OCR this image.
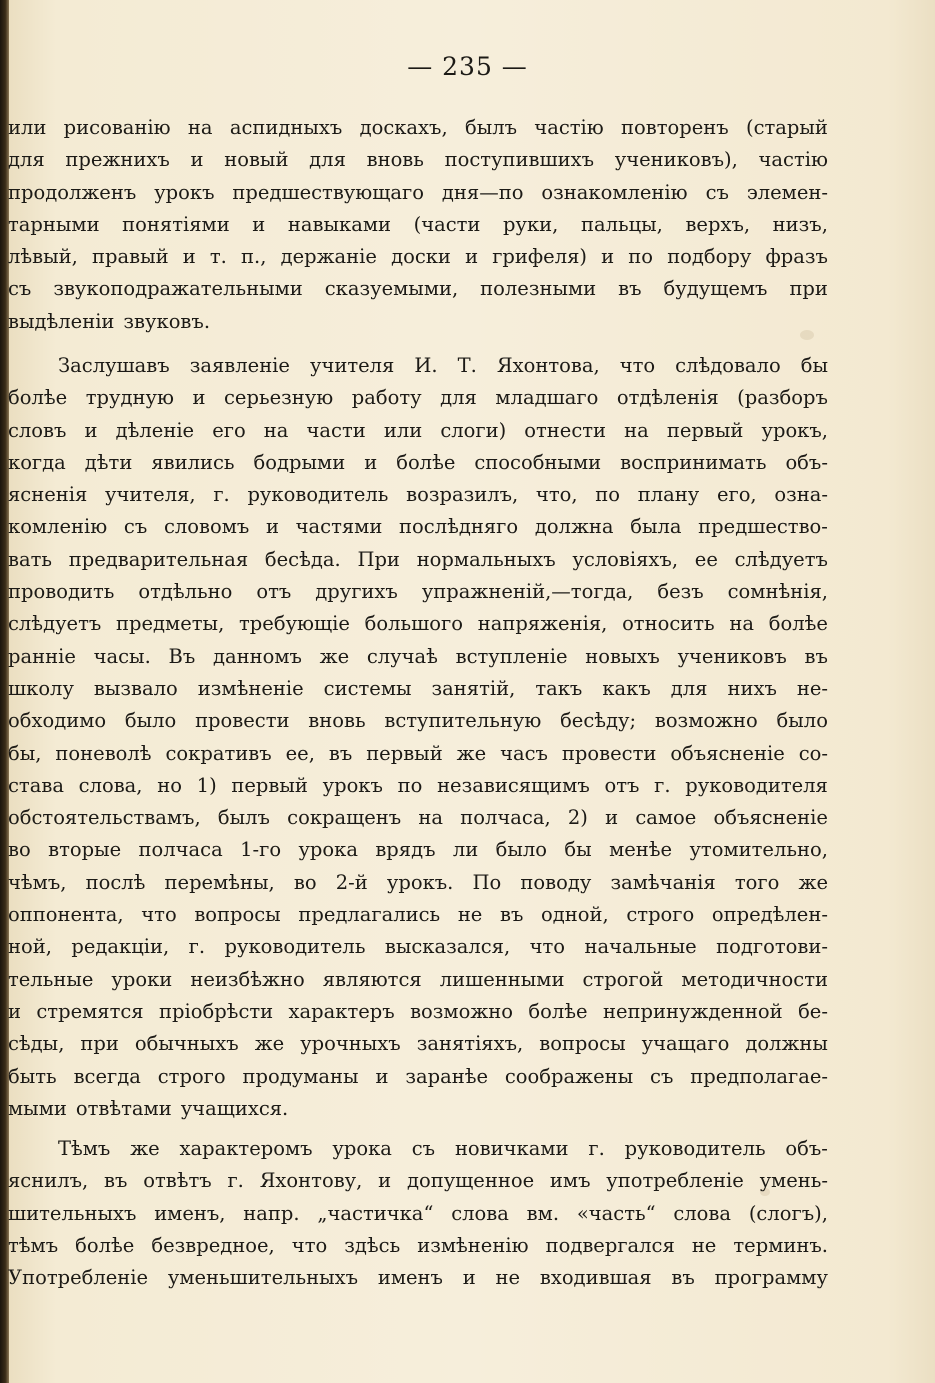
— 235 —
или рисованію на аспидныхъ доскахъ, былъ частію повторенъ (старый
для прежнихъ и новый для вновь поступившихъ учениковъ), частію
продолженъ урокъ предшествующаго дня—по ознакомленію съ элемен-
тарными понятіями и навыками (части руки, пальцы, верхъ, низъ,
лѣвый, правый и т. п., держаніе доски и грифеля) и по подбору фразъ
съ звукоподражательными сказуемыми, полезными въ будущемъ при
выдѣленіи звуковъ.
Заслушавъ заявленіе учителя И. Т. Яхонтова, что слѣдовало бы
болѣе трудную и серьезную работу для младшаго отдѣленія (разборъ
словъ и дѣленіе его на части или слоги) отнести на первый урокъ,
когда дѣти явились бодрыми и болѣе способными воспринимать объ-
ясненія учителя, г. руководитель возразилъ, что, по плану его, озна-
комленію съ словомъ и частями послѣдняго должна была предшество-
вать предварительная бесѣда. При нормальныхъ условіяхъ, ее слѣдуетъ
проводить отдѣльно отъ другихъ упражненій,—тогда, безъ сомнѣнія,
слѣдуетъ предметы, требующіе большого напряженія, относить на болѣе
ранніе часы. Въ данномъ же случаѣ вступленіе новыхъ учениковъ въ
школу вызвало измѣненіе системы занятій, такъ какъ для нихъ не-
обходимо было провести вновь вступительную бесѣду; возможно было
бы, поневолѣ сокративъ ее, въ первый же часъ провести объясненіе со-
става слова, но 1) первый урокъ по независящимъ отъ г. руководителя
обстоятельствамъ, былъ сокращенъ на полчаса, 2) и самое объясненіе
во вторые полчаса 1-го урока врядъ ли было бы менѣе утомительно,
чѣмъ, послѣ перемѣны, во 2-й урокъ. По поводу замѣчанія того же
оппонента, что вопросы предлагались не въ одной, строго опредѣлен-
ной, редакціи, г. руководитель высказался, что начальные подготови-
тельные уроки неизбѣжно являются лишенными строгой методичности
и стремятся пріобрѣсти характеръ возможно болѣе непринужденной бе-
сѣды, при обычныхъ же урочныхъ занятіяхъ, вопросы учащаго должны
быть всегда строго продуманы и заранѣе соображены съ предполагае-
мыми отвѣтами учащихся.
Тѣмъ же характеромъ урока съ новичками г. руководитель объ-
яснилъ, въ отвѣтъ г. Яхонтову, и допущенное имъ употребленіе умень-
шительныхъ именъ, напр. „частичка“ слова вм. «часть“ слова (слогъ),
тѣмъ болѣе безвредное, что здѣсь измѣненію подвергался не терминъ.
Употребленіе уменьшительныхъ именъ и не входившая въ программу
